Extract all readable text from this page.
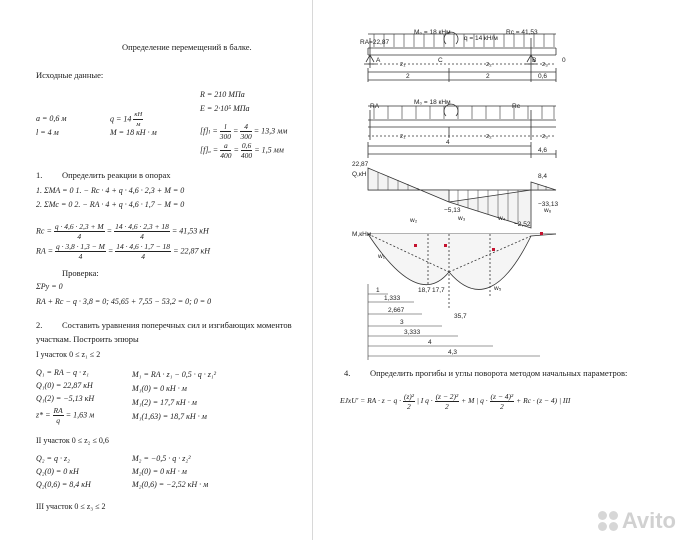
Определение перемещений в балке.
Исходные данные:
R = 210 МПа
E = 2·10⁵ МПа
a = 0,6 м
l = 4 м
$q = 14 \frac{кН}{м}$
M = 18 кН · м	$[f]_l = \frac{l}{300} = \frac{4}{300} = 13,3$ мм
$[f]_a = \frac{a}{400} = \frac{0,6}{400} = 1,5$ мм
1. Определить реакции в опорах
1. ΣMA = 0 1. − Rc · 4 + q · 4,6 · 2,3 + M = 0
2. ΣMc = 0 2. − RA · 4 + q · 4,6 · 1,7 − M = 0
$Rc = \frac{q \cdot 4,6 \cdot 2,3 + M}{4} = \frac{14 \cdot 4,6 \cdot 2,3 + 18}{4} = 41,53$ кН
RA = $\frac{q \cdot 3,8 \cdot 1,3 - M}{4} = \frac{14 \cdot 4,6 \cdot 1,7 - 18}{4} = 22,87$ кН
Проверка:
ΣPy = 0
RA + Rc − q · 3,8 = 0; 45,65 + 7,55 − 53,2 = 0; 0 = 0
2. Составить уравнения поперечных сил и изгибающих моментов
участкам. Построить эпюры
I участок 0 ≤ z₁ ≤ 2
Q₁ = RA − q · z₁
Q₁(0) = 22,87 кН
Q₁(2) = −5,13 кН
$z* = \frac{RA}{q} = 1,63$ м
M₁ = RA · z₁ − 0,5 · q · z₁²
M₁(0) = 0 кН · м
M₁(2) = 17,7 кН · м
M₁(1,63) = 18,7 кН · м
II участок 0 ≤ z₂ ≤ 0,6
Q₂ = q · z₂
Q₂(0) = 0 кН
Q₂(0,6) = 8,4 кН
M₂ = −0,5 · q · z₂²
M₂(0) = 0 кН · м
M₂(0,6) = −2,52 кН · м
III участок 0 ≤ z₃ ≤ 2
RA=22,87
M₀ = 18 кНм
q = 14 кН/м
Rc = 41,53
A	C	B	0
z₁	z₂	z₃
2	2	0,6
RA
M₀ = 18 кНм
Rc
z₁	z₂	z₃
4
4,6
22,87
Q,кН
−5,13
8,4
−33,13
M,кНм
18,7 17,7
35,7
−2,52
w₁
w₂	w₃	w₄
w₅
w₆
1
1,333
2,667
3
3,333
4
4,3
4. Определить прогибы и углы поворота методом начальных параметров:
EJxU' = RA · $z - q \cdot \frac{\text{(z)²}}{2}$ | I $q \cdot \frac{\text{(z − 2)²}}{2} + M$ | $q \cdot \frac{\text{(z − 4)²}}{2} + Rc \cdot (z - 4)$ | III
Avito
